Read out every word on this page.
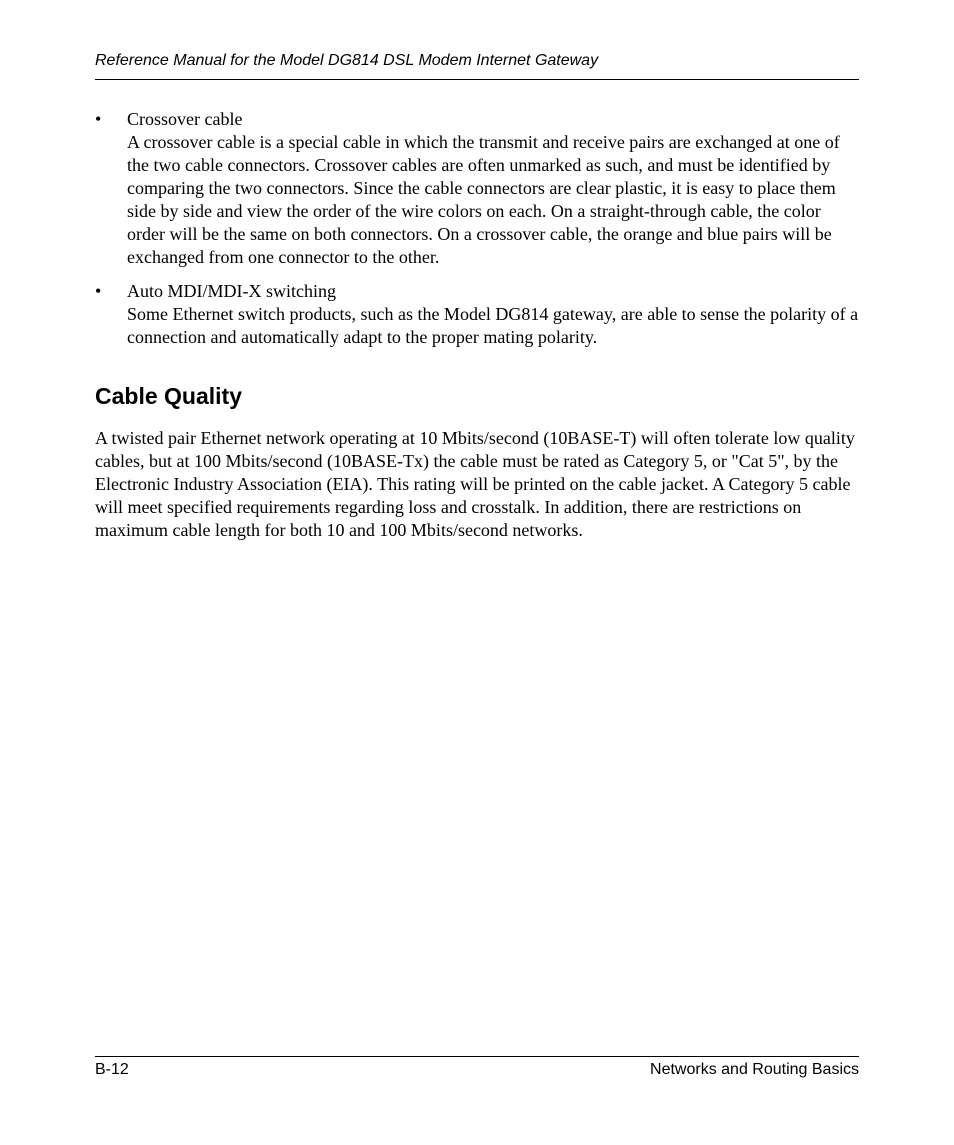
Reference Manual for the Model DG814 DSL Modem Internet Gateway
• Crossover cable
A crossover cable is a special cable in which the transmit and receive pairs are exchanged at one of the two cable connectors. Crossover cables are often unmarked as such, and must be identified by comparing the two connectors. Since the cable connectors are clear plastic, it is easy to place them side by side and view the order of the wire colors on each. On a straight-through cable, the color order will be the same on both connectors. On a crossover cable, the orange and blue pairs will be exchanged from one connector to the other.
• Auto MDI/MDI-X switching
Some Ethernet switch products, such as the Model DG814 gateway, are able to sense the polarity of a connection and automatically adapt to the proper mating polarity.
Cable Quality

A twisted pair Ethernet network operating at 10 Mbits/second (10BASE-T) will often tolerate low quality cables, but at 100 Mbits/second (10BASE-Tx) the cable must be rated as Category 5, or "Cat 5", by the Electronic Industry Association (EIA). This rating will be printed on the cable jacket. A Category 5 cable will meet specified requirements regarding loss and crosstalk. In addition, there are restrictions on maximum cable length for both 10 and 100 Mbits/second networks.

B-12	Networks and Routing Basics
